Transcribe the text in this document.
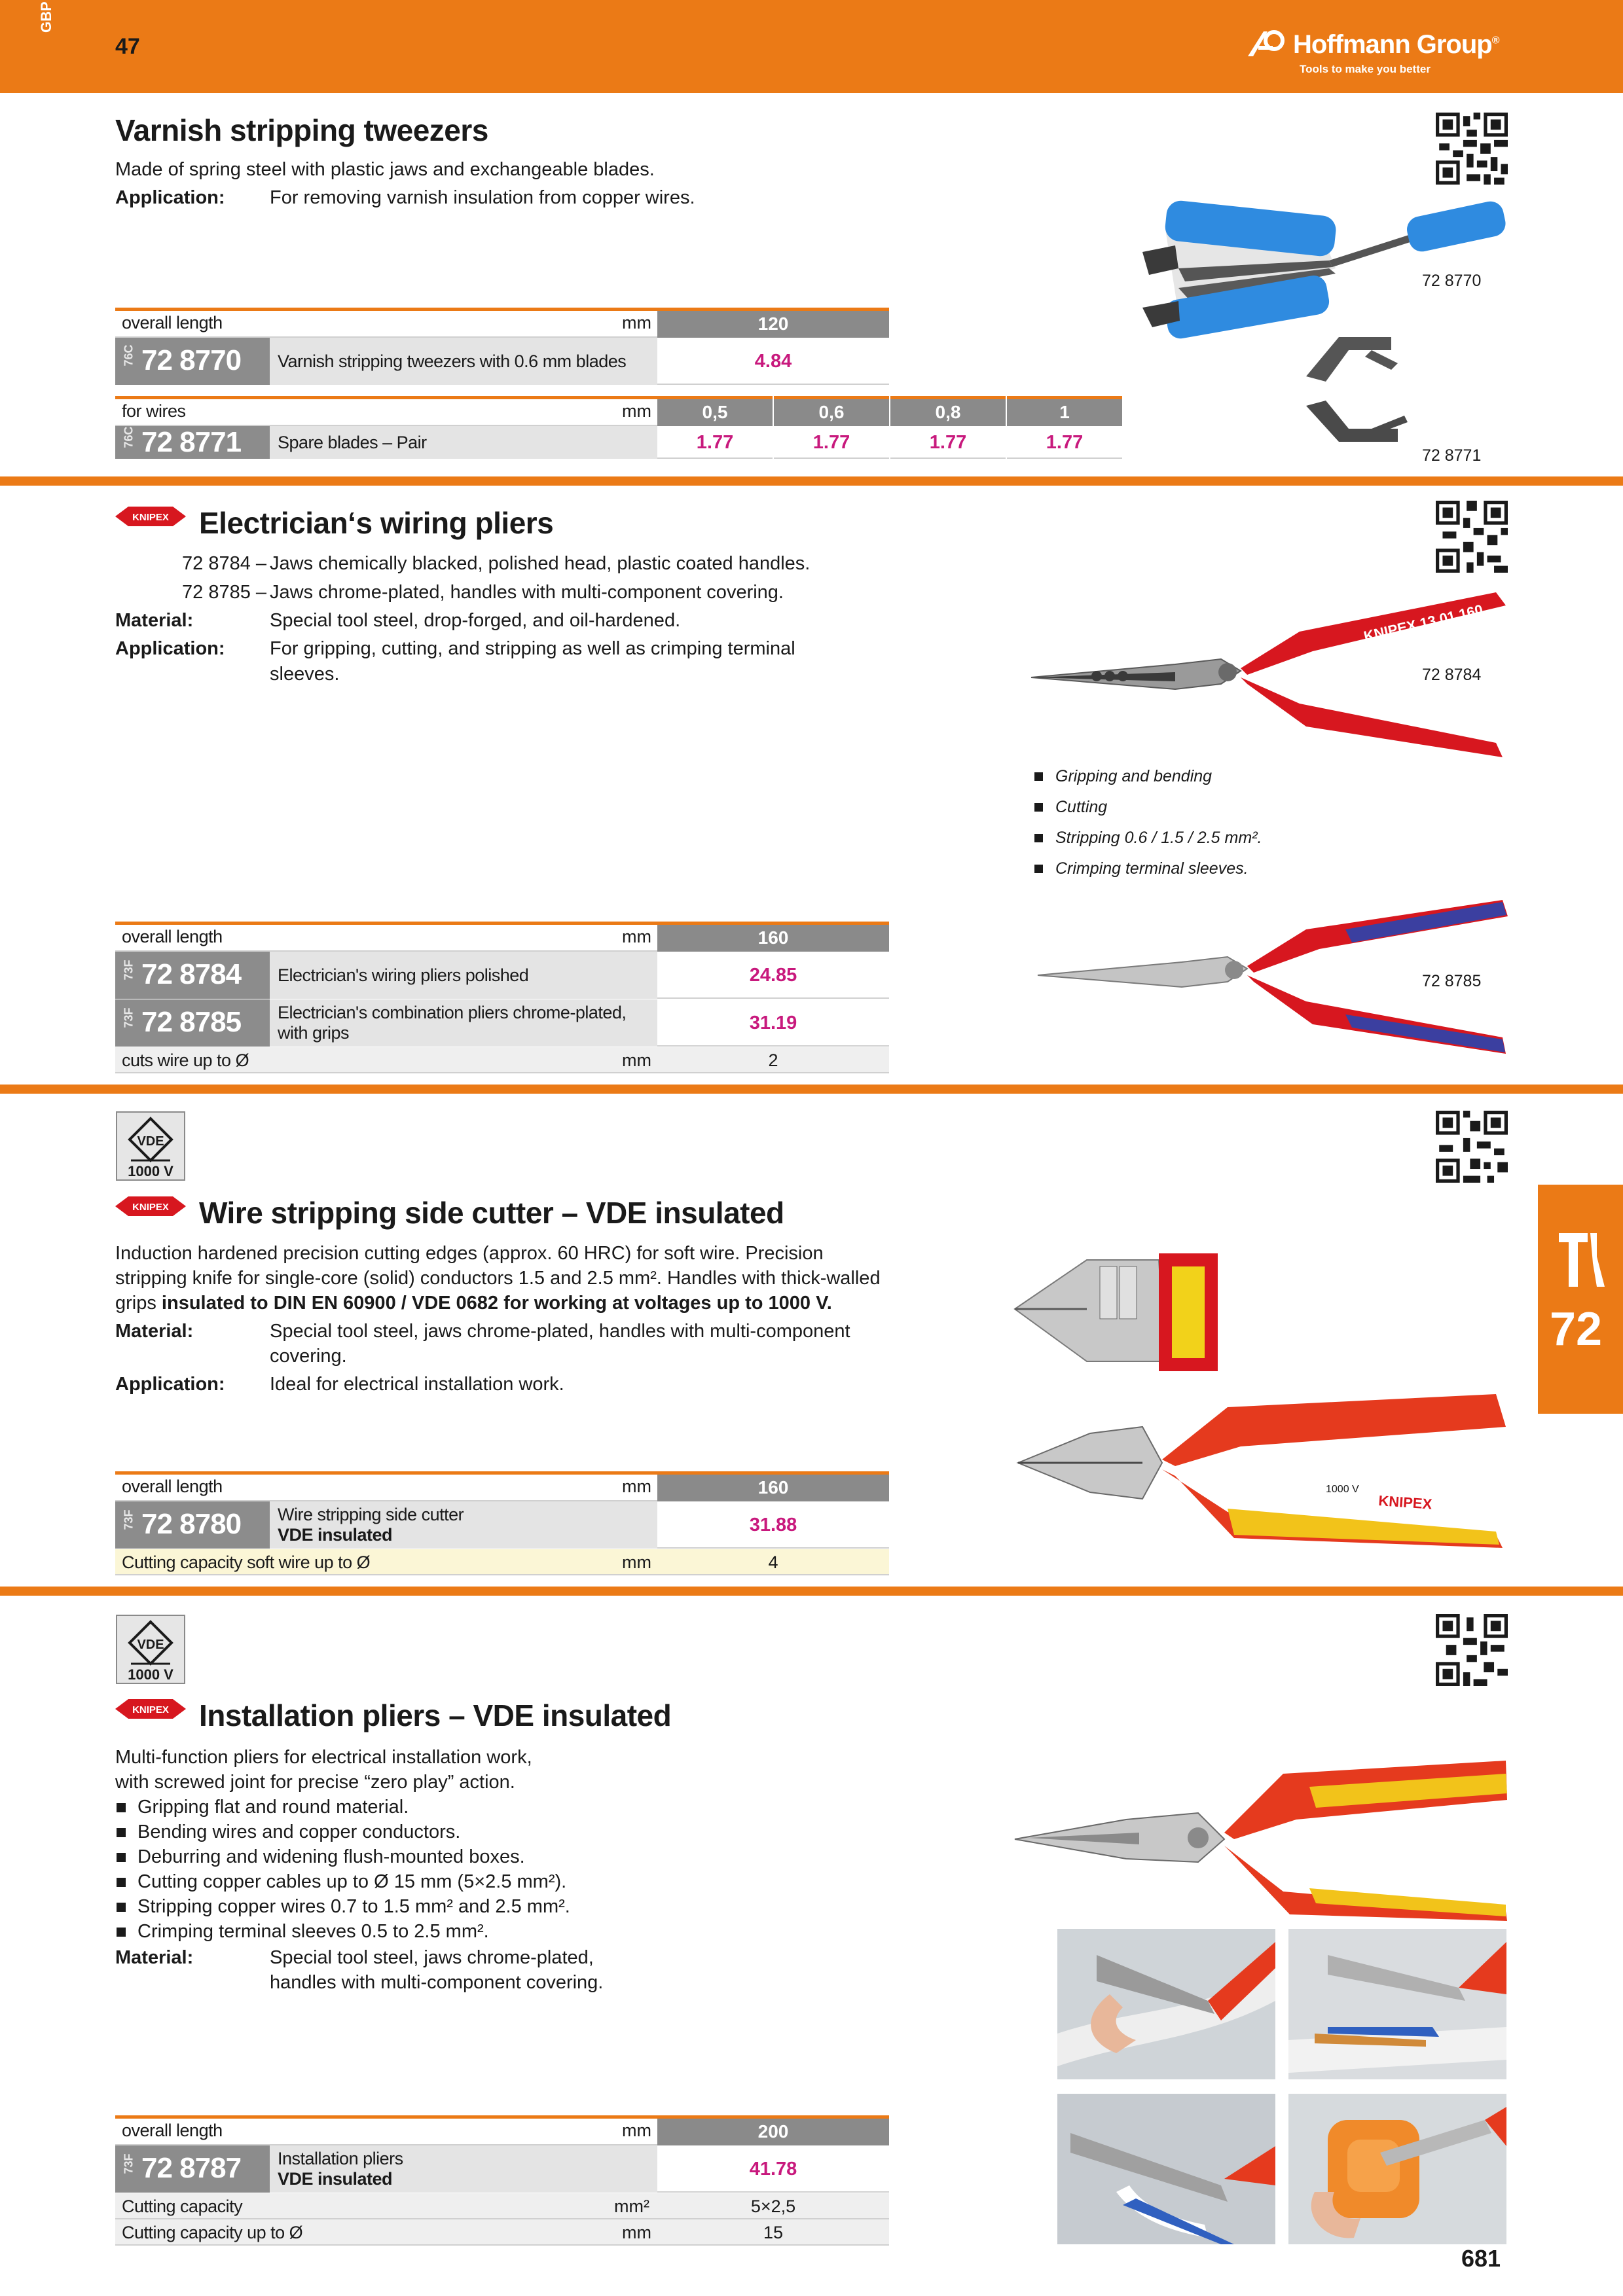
GBP
47	Hoffmann Group®
Tools to make you better
Varnish stripping tweezers
Made of spring steel with plastic jaws and exchangeable blades.
Application: For removing varnish insulation from copper wires.
72 8770
72 8771
overall length	mm	120
76C 72 8770 Varnish stripping tweezers with 0.6 mm blades	4.84
for wires	mm	0,5	0,6	0,8	1
76C 72 8771 Spare blades – Pair	1.77	1.77	1.77	1.77
KNIPEX Electrician‘s wiring pliers
72 8784 – Jaws chemically blacked, polished head, plastic coated handles.
72 8785 – Jaws chrome-plated, handles with multi-component covering.
Material:	Special tool steel, drop-forged, and oil-hardened.
Application: For gripping, cutting, and stripping as well as crimping terminal
sleeves.
KNIPEX 13 01 160
72 8784
Gripping and bending
Cutting
Stripping 0.6 / 1.5 / 2.5 mm².
Crimping terminal sleeves.
72 8785
overall length	mm	160
73F 72 8784 Electrician's wiring pliers polished	24.85
73F 72 8785 Electrician's combination pliers chrome-plated,
with grips	31.19
cuts wire up to Ø	mm	2
VDE
1000 V
KNIPEX Wire stripping side cutter – VDE insulated
Induction hardened precision cutting edges (approx. 60 HRC) for soft wire. Precision
stripping knife for single-core (solid) conductors 1.5 and 2.5 mm². Handles with thick-walled
grips insulated to DIN EN 60900 / VDE 0682 for working at voltages up to 1000 V.
Material:	Special tool steel, jaws chrome-plated, handles with multi-component
covering.
Application: Ideal for electrical installation work.
KNIPEX
1000 V
overall length	mm	160
73F 72 8780 Wire stripping side cutter
VDE insulated	31.88
Cutting capacity soft wire up to Ø	mm	4
72
VDE
1000 V
KNIPEX Installation pliers – VDE insulated
Multi-function pliers for electrical installation work,
with screwed joint for precise “zero play” action.
Gripping flat and round material.
Bending wires and copper conductors.
Deburring and widening flush-mounted boxes.
Cutting copper cables up to Ø 15 mm (5×2.5 mm²).
Stripping copper wires 0.7 to 1.5 mm² and 2.5 mm².
Crimping terminal sleeves 0.5 to 2.5 mm².
Material:	Special tool steel, jaws chrome-plated,
handles with multi-component covering.
overall length	mm	200
73F 72 8787 Installation pliers
VDE insulated	41.78
Cutting capacity	mm²	5×2,5
Cutting capacity up to Ø	mm	15
681
